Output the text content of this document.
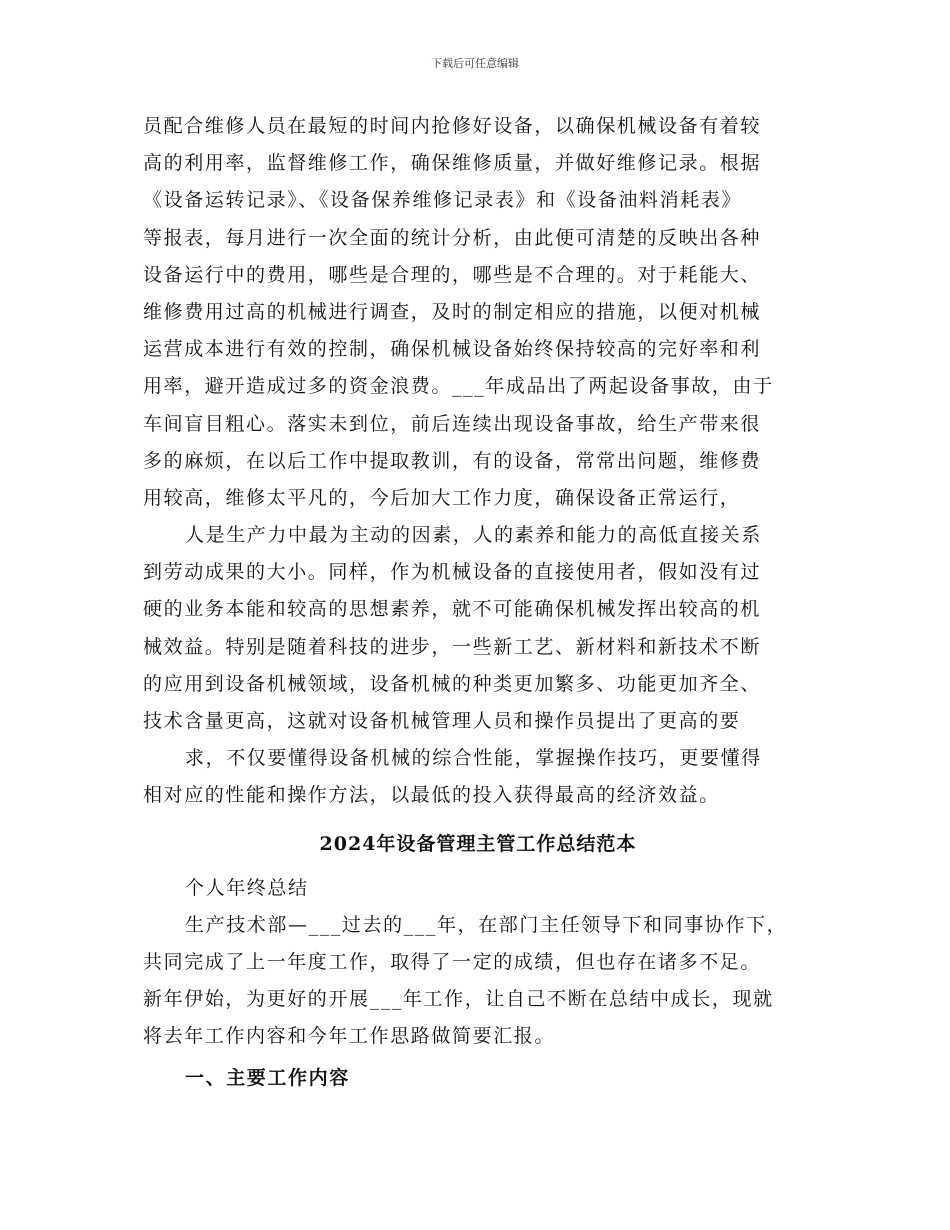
下载后可任意编辑
员配合维修人员在最短的时间内抢修好设备，以确保机械设备有着较
高的利用率，监督维修工作，确保维修质量，并做好维修记录。根据
《设备运转记录》、《设备保养维修记录表》和《设备油料消耗表》
等报表，每月进行一次全面的统计分析，由此便可清楚的反映出各种
设备运行中的费用，哪些是合理的，哪些是不合理的。对于耗能大、
维修费用过高的机械进行调查，及时的制定相应的措施，以便对机械
运营成本进行有效的控制，确保机械设备始终保持较高的完好率和利
用率，避开造成过多的资金浪费。___年成品出了两起设备事故，由于
车间盲目粗心。落实未到位，前后连续出现设备事故，给生产带来很
多的麻烦，在以后工作中提取教训，有的设备，常常出问题，维修费
用较高，维修太平凡的，今后加大工作力度，确保设备正常运行，
人是生产力中最为主动的因素，人的素养和能力的高低直接关系
到劳动成果的大小。同样，作为机械设备的直接使用者，假如没有过
硬的业务本能和较高的思想素养，就不可能确保机械发挥出较高的机
械效益。特别是随着科技的进步，一些新工艺、新材料和新技术不断
的应用到设备机械领域，设备机械的种类更加繁多、功能更加齐全、
技术含量更高，这就对设备机械管理人员和操作员提出了更高的要
求，不仅要懂得设备机械的综合性能，掌握操作技巧，更要懂得
相对应的性能和操作方法，以最低的投入获得最高的经济效益。
2024年设备管理主管工作总结范本
个人年终总结
生产技术部—___过去的___年，在部门主任领导下和同事协作下，
共同完成了上一年度工作，取得了一定的成绩，但也存在诸多不足。
新年伊始，为更好的开展___年工作，让自己不断在总结中成长，现就
将去年工作内容和今年工作思路做简要汇报。
一、主要工作内容
